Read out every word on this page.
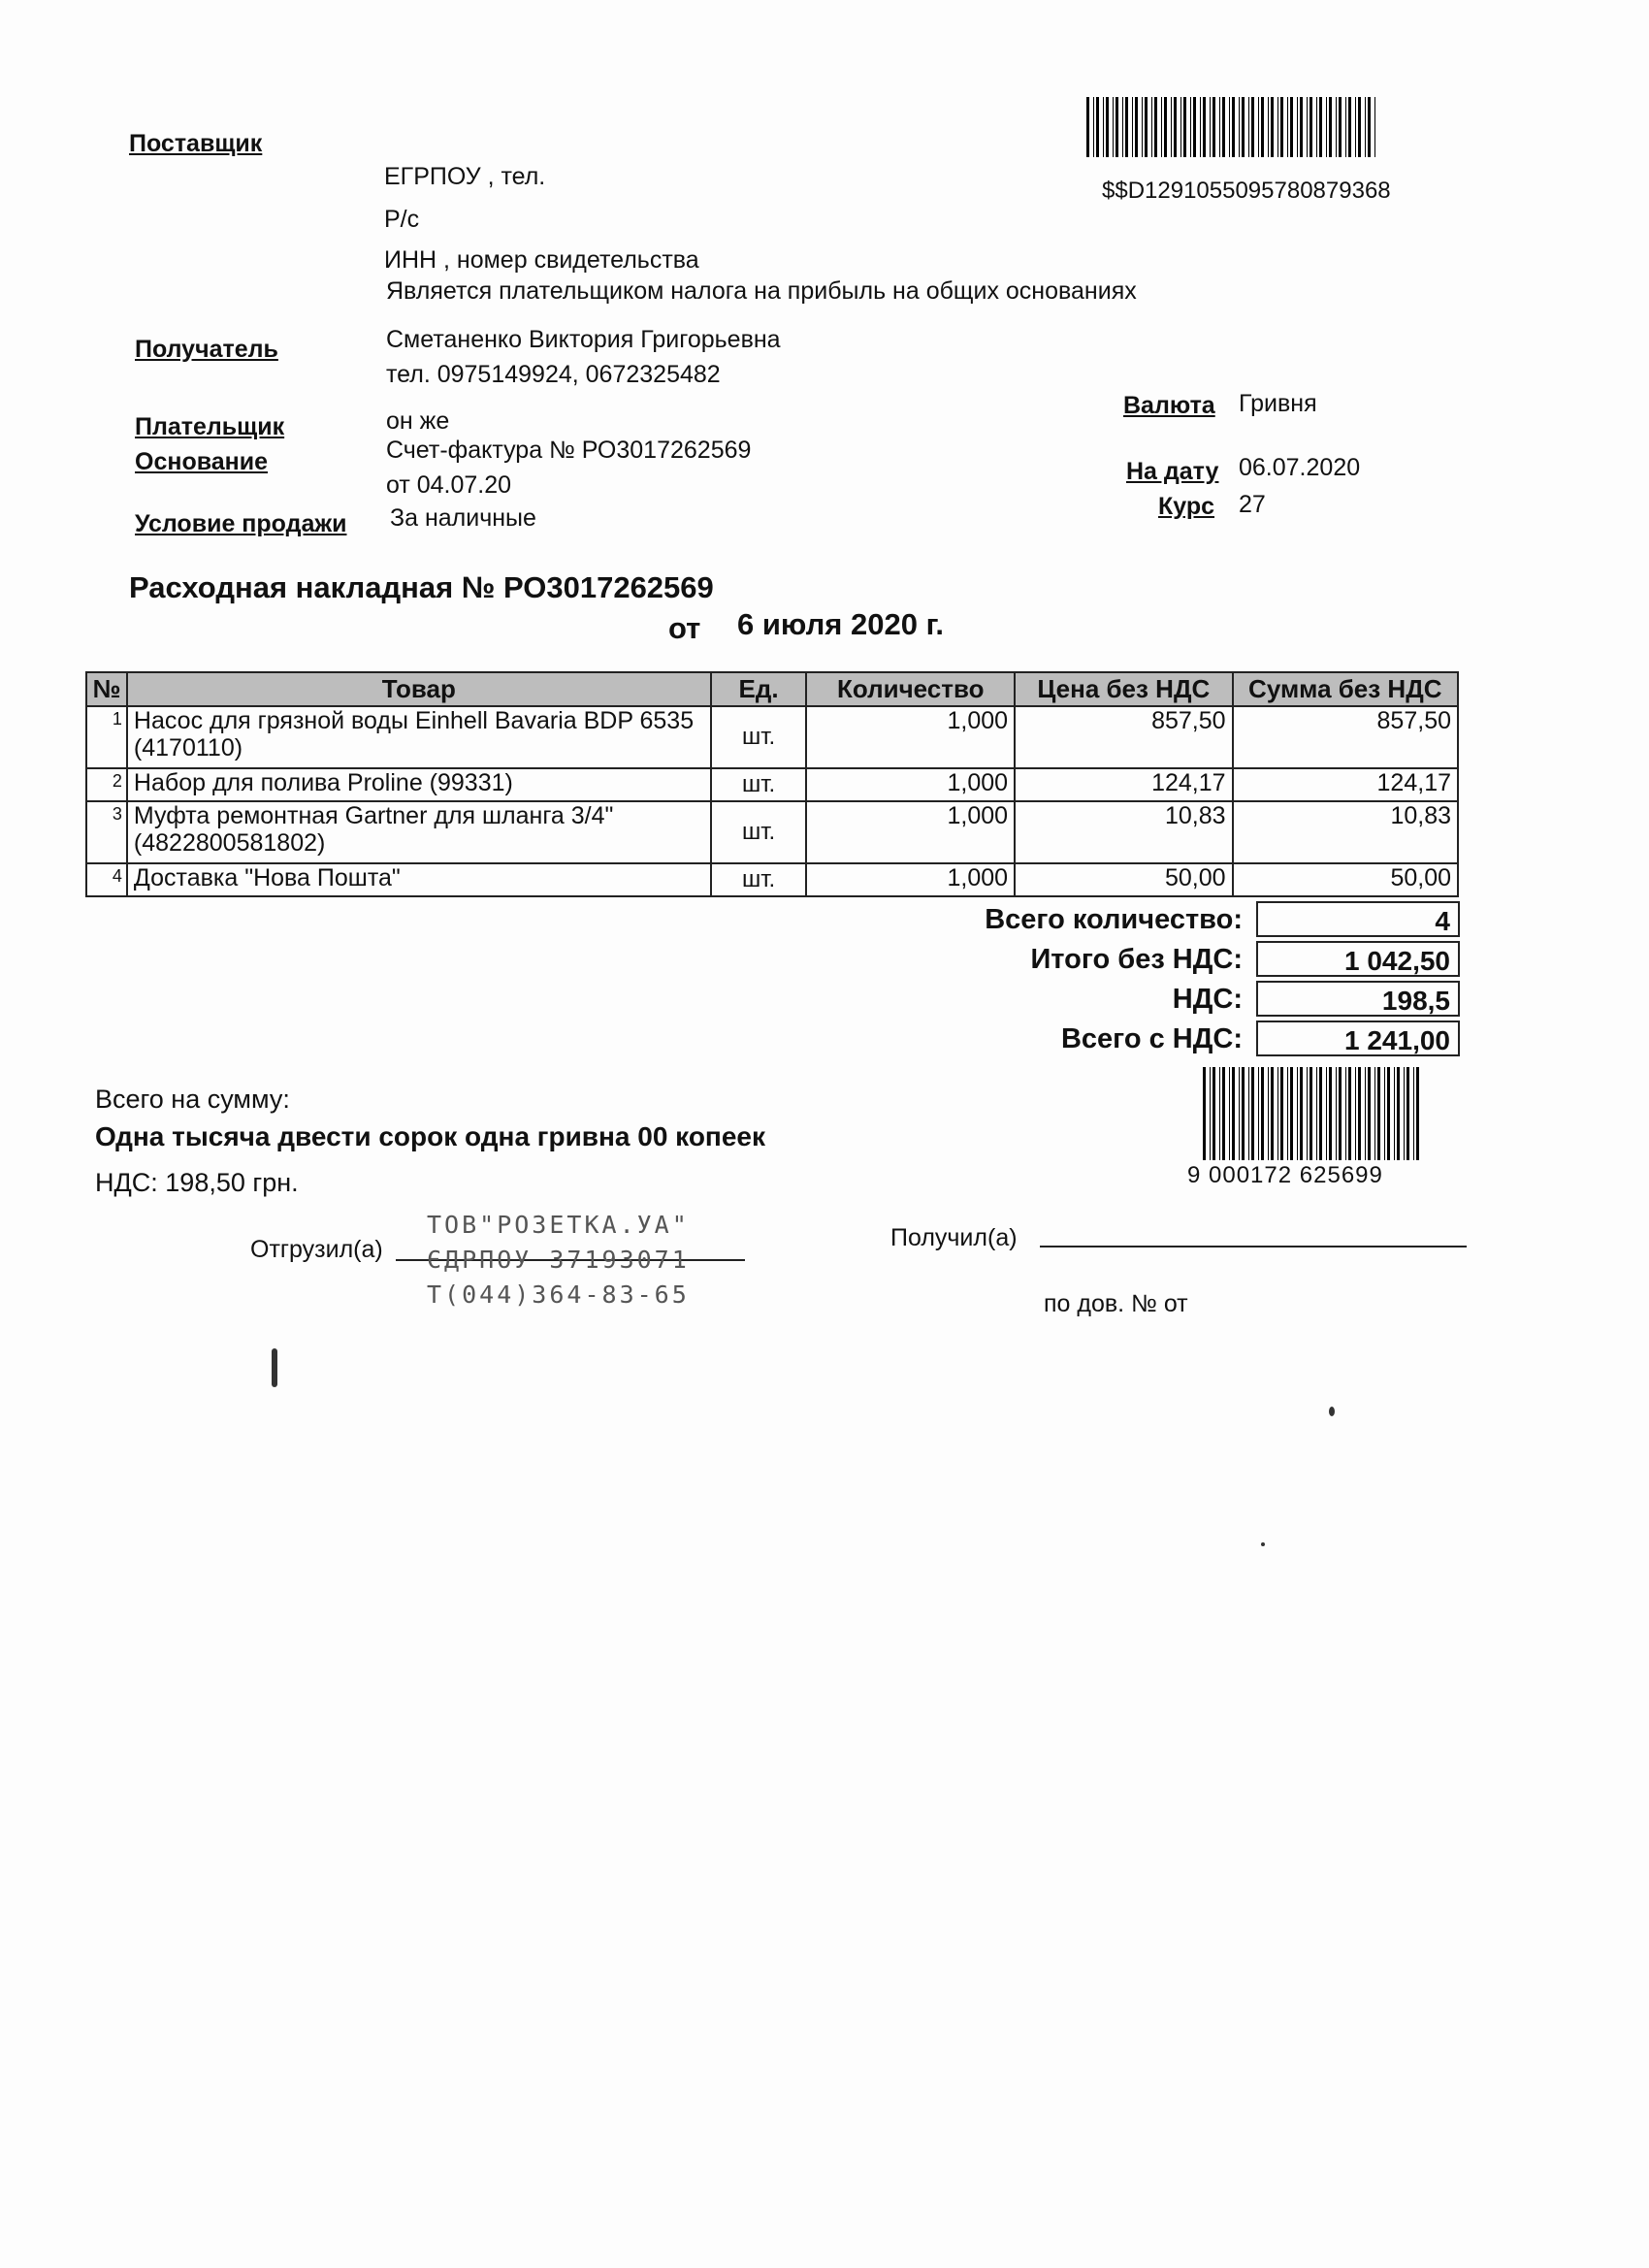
Поставщик
ЕГРПОУ , тел.
Р/с
ИНН , номер свидетельства
Является плательщиком налога на прибыль на общих основаниях
$$D1291055095780879368
Получатель	Сметаненко Виктория Григорьевна
тел. 0975149924, 0672325482
Плательщик	он же
Основание	Счет-фактура № РО3017262569
от 04.07.20
Условие продажи За наличные
Валюта Гривня
На дату 06.07.2020
Курс 27
Расходная накладная № РО3017262569
от 6 июля 2020 г.
№	Товар	Ед.	Количество	Цена без НДС	Сумма без НДС
1	Насос для грязной воды Einhell Bavaria BDP 6535 (4170110)	шт.	1,000	857,50	857,50
2	Набор для полива Proline (99331)	шт.	1,000	124,17	124,17
3	Муфта ремонтная Gartner для шланга 3/4" (4822800581802)	шт.	1,000	10,83	10,83
4	Доставка "Нова Пошта"	шт.	1,000	50,00	50,00
Всего количество:	4
Итого без НДС:	1 042,50
НДС:	198,5
Всего с НДС:	1 241,00
Всего на сумму:
Одна тысяча двести сорок одна гривна 00 копеек
НДС: 198,50 грн.	9 000172 625699
Отгрузил(а)	Получил(а)
по дов. № от
ТОВ"РОЗЕТКА.УА"
ЄДРПОУ 37193071
Т(044)364-83-65
